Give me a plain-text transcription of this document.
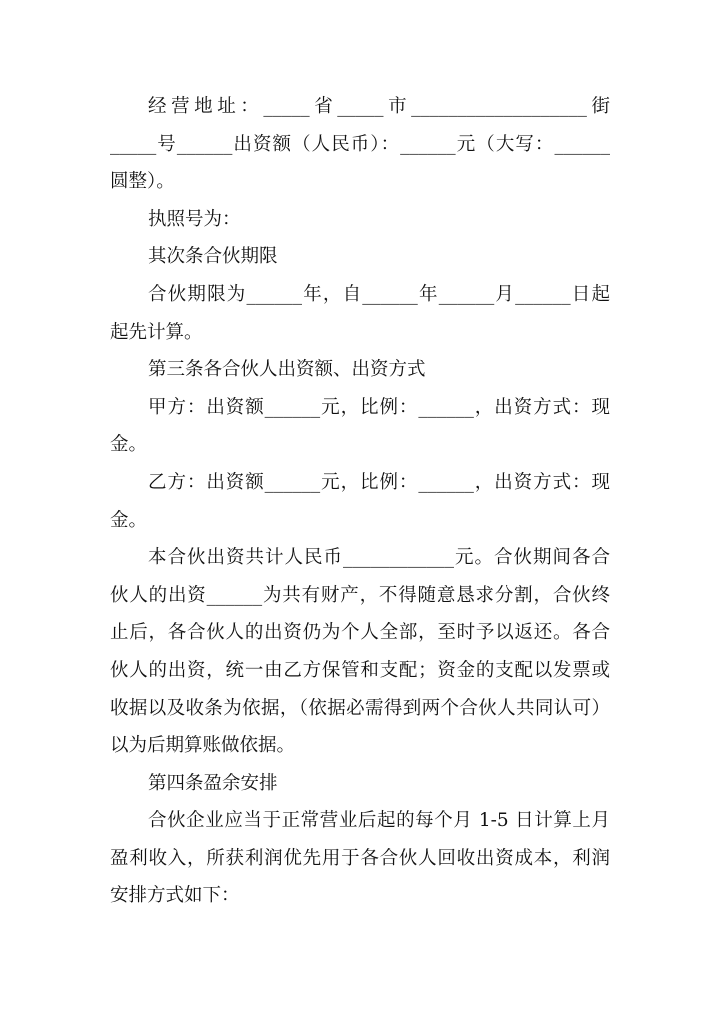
经营地址：_____省_____市___________________街
_____号______出资额（人民币）：______元（大写：______
圆整）。
执照号为：
其次条合伙期限
合伙期限为______年，自______年______月______日起
起先计算。
第三条各合伙人出资额、出资方式
甲方：出资额______元，比例：______，出资方式：现
金。
乙方：出资额______元，比例：______，出资方式：现
金。
本合伙出资共计人民币____________元。合伙期间各合
伙人的出资______为共有财产，不得随意恳求分割，合伙终
止后，各合伙人的出资仍为个人全部，至时予以返还。各合
伙人的出资，统一由乙方保管和支配；资金的支配以发票或
收据以及收条为依据，（依据必需得到两个合伙人共同认可）
以为后期算账做依据。
第四条盈余安排
合伙企业应当于正常营业后起的每个月 1-5 日计算上月
盈利收入，所获利润优先用于各合伙人回收出资成本，利润
安排方式如下：
